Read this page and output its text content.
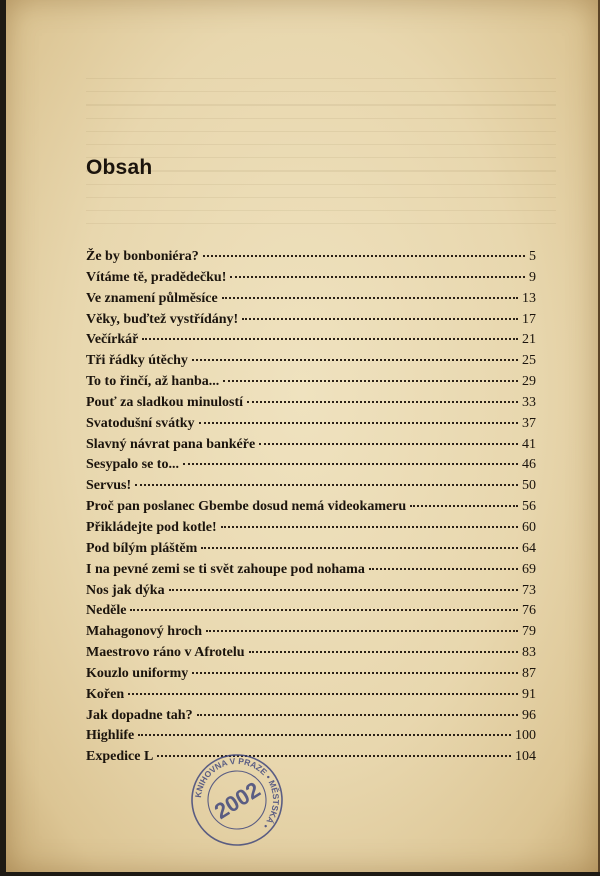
Obsah
Že by bonboniéra?	5
Vítáme tě, pradědečku!	9
Ve znamení půlměsíce	13
Věky, buďtež vystřídány!	17
Večírkář	21
Tři řádky útěchy	25
To to řinčí, až hanba...	29
Pouť za sladkou minulostí	33
Svatodušní svátky	37
Slavný návrat pana bankéře	41
Sesypalo se to...	46
Servus!	50
Proč pan poslanec Gbembe dosud nemá videokameru	56
Přikládejte pod kotle!	60
Pod bílým pláštěm	64
I na pevné zemi se ti svět zahoupe pod nohama	69
Nos jak dýka	73
Neděle	76
Mahagonový hroch	79
Maestrovo ráno v Afrotelu	83
Kouzlo uniformy	87
Kořen	91
Jak dopadne tah?	96
Highlife	100
Expedice L	104
KNIHOVNA V PRAZE • MĚSTSKÁ •
2002
